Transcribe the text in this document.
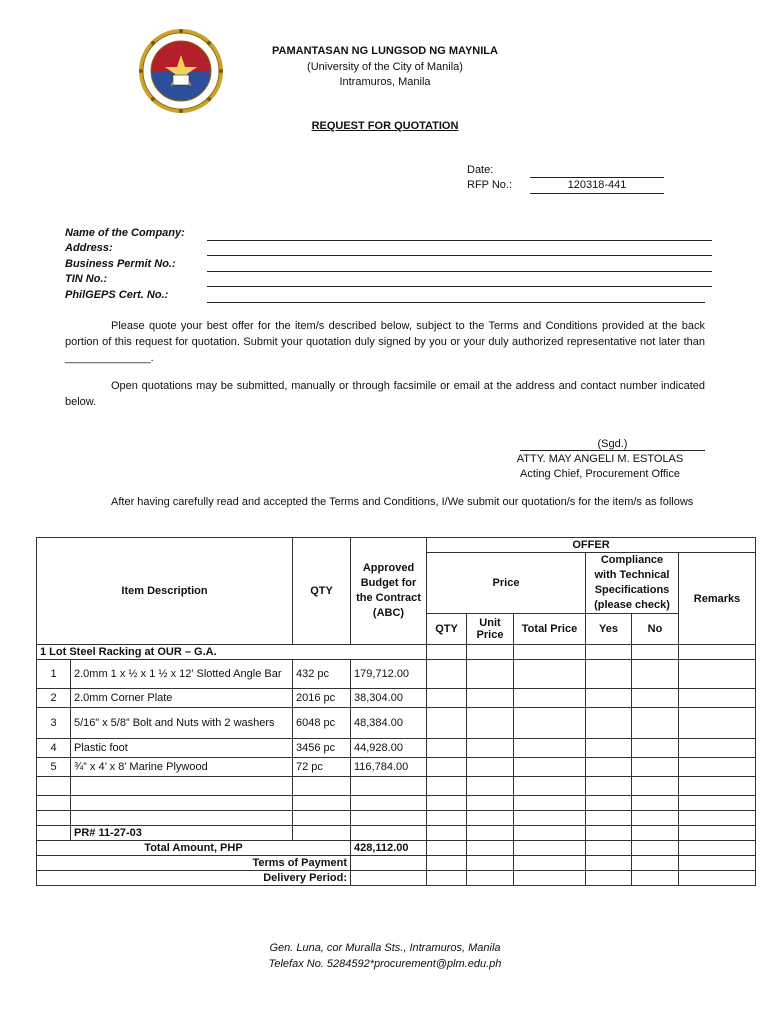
PAMANTASAN NG LUNGSOD NG MAYNILA
(University of the City of Manila)
Intramuros, Manila
REQUEST FOR QUOTATION
Date:
RFP No.:	120318-441
Name of the Company:
Address:
Business Permit No.:
TIN No.:
PhilGEPS Cert. No.:

Please quote your best offer for the item/s described below, subject to the Terms and Conditions provided at the back portion of this request for quotation. Submit your quotation duly signed by you or your duly authorized representative not later than ______________.

Open quotations may be submitted, manually or through facsimile or email at the address and contact number indicated below.

(Sgd.)
ATTY. MAY ANGELI M. ESTOLAS
Acting Chief, Procurement Office

After having carefully read and accepted the Terms and Conditions, I/We submit our quotation/s for the item/s as follows

Item Description		QTY	Approved Budget for the Contract (ABC)	OFFER					
				Price			Compliance with Technical Specifications (please check)		Remarks
				QTY	Unit Price	Total Price	Yes	No	
1 Lot Steel Racking at OUR – G.A.									
1	2.0mm 1 x ½ x 1 ½ x 12’ Slotted Angle Bar	432 pc	179,712.00						
2	2.0mm Corner Plate	2016 pc	38,304.00						
3	5/16” x 5/8” Bolt and Nuts with 2 washers	6048 pc	48,384.00						
4	Plastic foot	3456 pc	44,928.00						
5	¾” x 4’ x 8’ Marine Plywood	72 pc	116,784.00						

	PR# 11-27-03								
Total Amount, PHP			428,112.00						
Terms of Payment									
Delivery Period:									
Gen. Luna, cor Muralla Sts., Intramuros, Manila
Telefax No. 5284592*procurement@plm.edu.ph
